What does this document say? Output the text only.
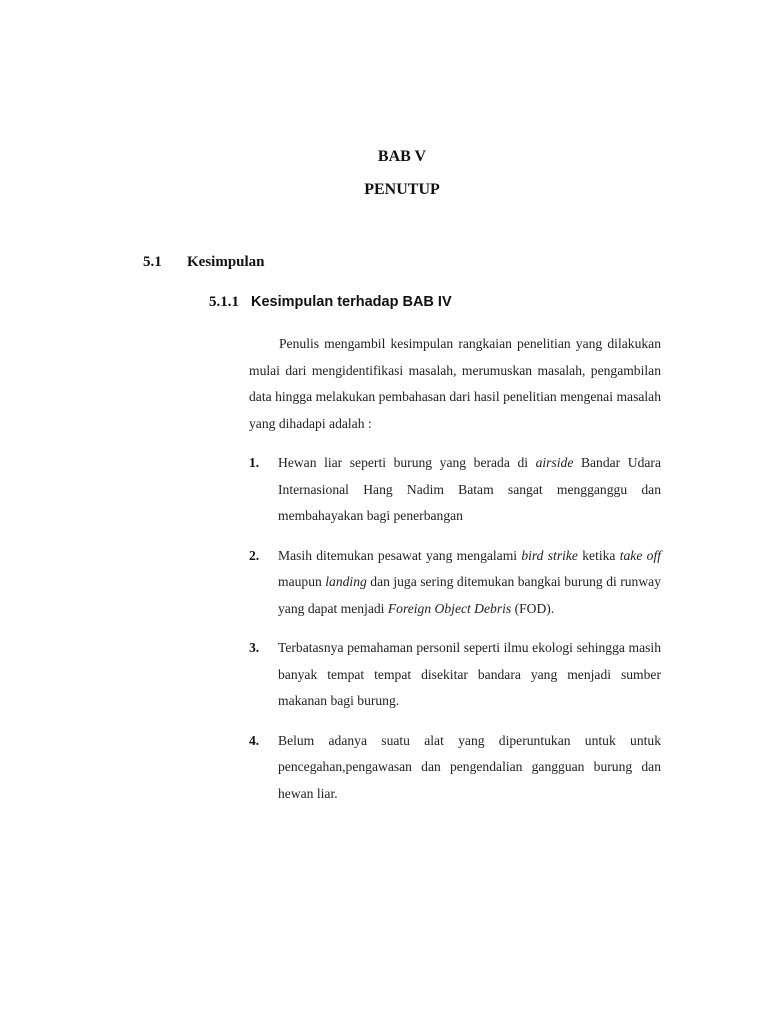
BAB V
PENUTUP
5.1 Kesimpulan
5.1.1 Kesimpulan terhadap BAB IV

Penulis mengambil kesimpulan rangkaian penelitian yang dilakukan mulai dari mengidentifikasi masalah, merumuskan masalah, pengambilan data hingga melakukan pembahasan dari hasil penelitian mengenai masalah yang dihadapi adalah :

1. Hewan liar seperti burung yang berada di airside Bandar Udara Internasional Hang Nadim Batam sangat mengganggu dan membahayakan bagi penerbangan
2. Masih ditemukan pesawat yang mengalami bird strike ketika take off maupun landing dan juga sering ditemukan bangkai burung di runway yang dapat menjadi Foreign Object Debris (FOD).
3. Terbatasnya pemahaman personil seperti ilmu ekologi sehingga masih banyak tempat tempat disekitar bandara yang menjadi sumber makanan bagi burung.
4. Belum adanya suatu alat yang diperuntukan untuk untuk pencegahan,pengawasan dan pengendalian gangguan burung dan hewan liar.
